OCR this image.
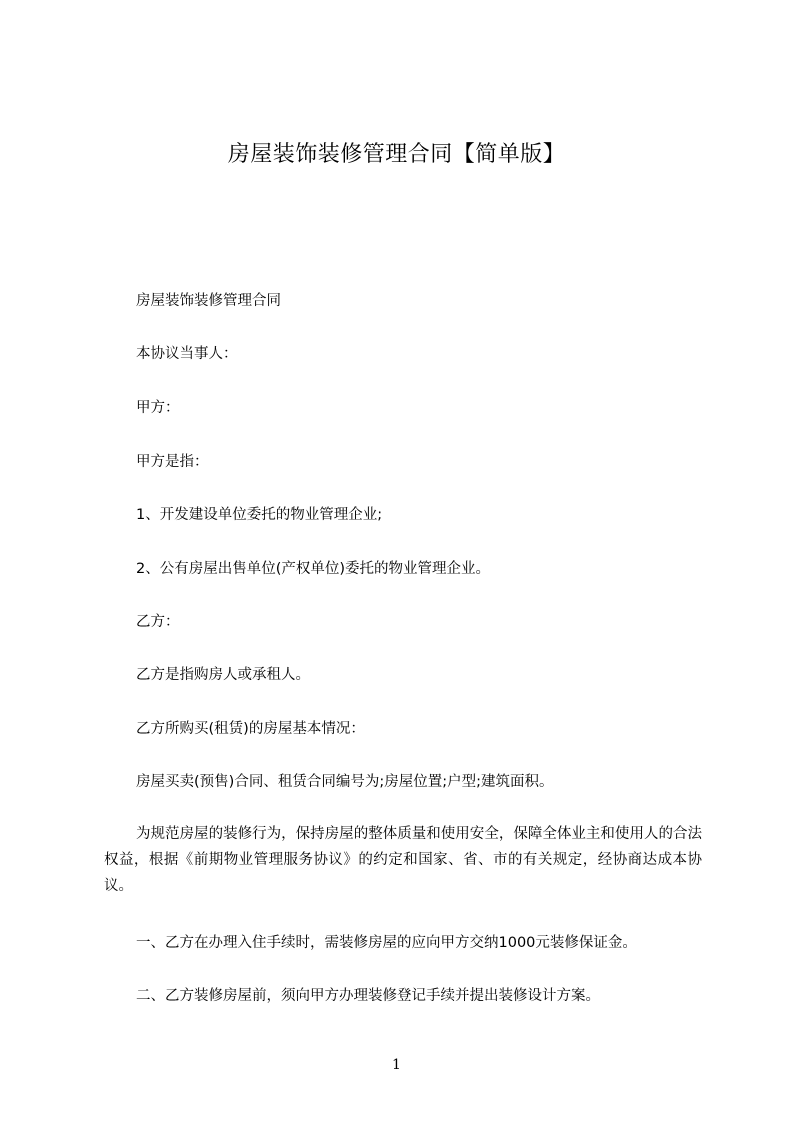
房屋装饰装修管理合同【简单版】
房屋装饰装修管理合同
本协议当事人：
甲方：
甲方是指：
1、开发建设单位委托的物业管理企业;
2、公有房屋出售单位(产权单位)委托的物业管理企业。
乙方：
乙方是指购房人或承租人。
乙方所购买(租赁)的房屋基本情况：
房屋买卖(预售)合同、租赁合同编号为;房屋位置;户型;建筑面积。
为规范房屋的装修行为，保持房屋的整体质量和使用安全，保障全体业主和使用人的合法权益，根据《前期物业管理服务协议》的约定和国家、省、市的有关规定，经协商达成本协议。
一、乙方在办理入住手续时，需装修房屋的应向甲方交纳1000元装修保证金。
二、乙方装修房屋前，须向甲方办理装修登记手续并提出装修设计方案。
1
